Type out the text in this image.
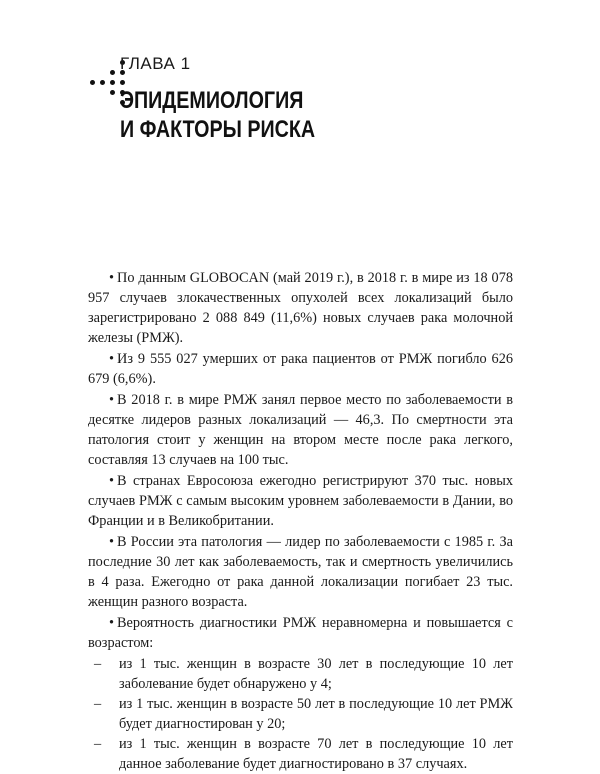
ГЛАВА 1
ЭПИДЕМИОЛОГИЯ
И ФАКТОРЫ РИСКА

• По данным GLOBOCAN (май 2019 г.), в 2018 г. в мире из 18 078 957 случаев злокачественных опухолей всех локализаций было зарегистрировано 2 088 849 (11,6%) новых случаев рака молочной железы (РМЖ).

• Из 9 555 027 умерших от рака пациентов от РМЖ погибло 626 679 (6,6%).

• В 2018 г. в мире РМЖ занял первое место по заболеваемости в десятке лидеров разных локализаций — 46,3. По смертности эта патология стоит у женщин на втором месте после рака легкого, составляя 13 случаев на 100 тыс.

• В странах Евросоюза ежегодно регистрируют 370 тыс. новых случаев РМЖ с самым высоким уровнем заболеваемости в Дании, во Франции и в Великобритании.

• В России эта патология — лидер по заболеваемости с 1985 г. За последние 30 лет как заболеваемость, так и смертность увеличились в 4 раза. Ежегодно от рака данной локализации погибает 23 тыс. женщин разного возраста.

• Вероятность диагностики РМЖ неравномерна и повышается с возрастом:

– из 1 тыс. женщин в возрасте 30 лет в последующие 10 лет заболевание будет обнаружено у 4;

– из 1 тыс. женщин в возрасте 50 лет в последующие 10 лет РМЖ будет диагностирован у 20;

– из 1 тыс. женщин в возрасте 70 лет в последующие 10 лет данное заболевание будет диагностировано в 37 случаях.
